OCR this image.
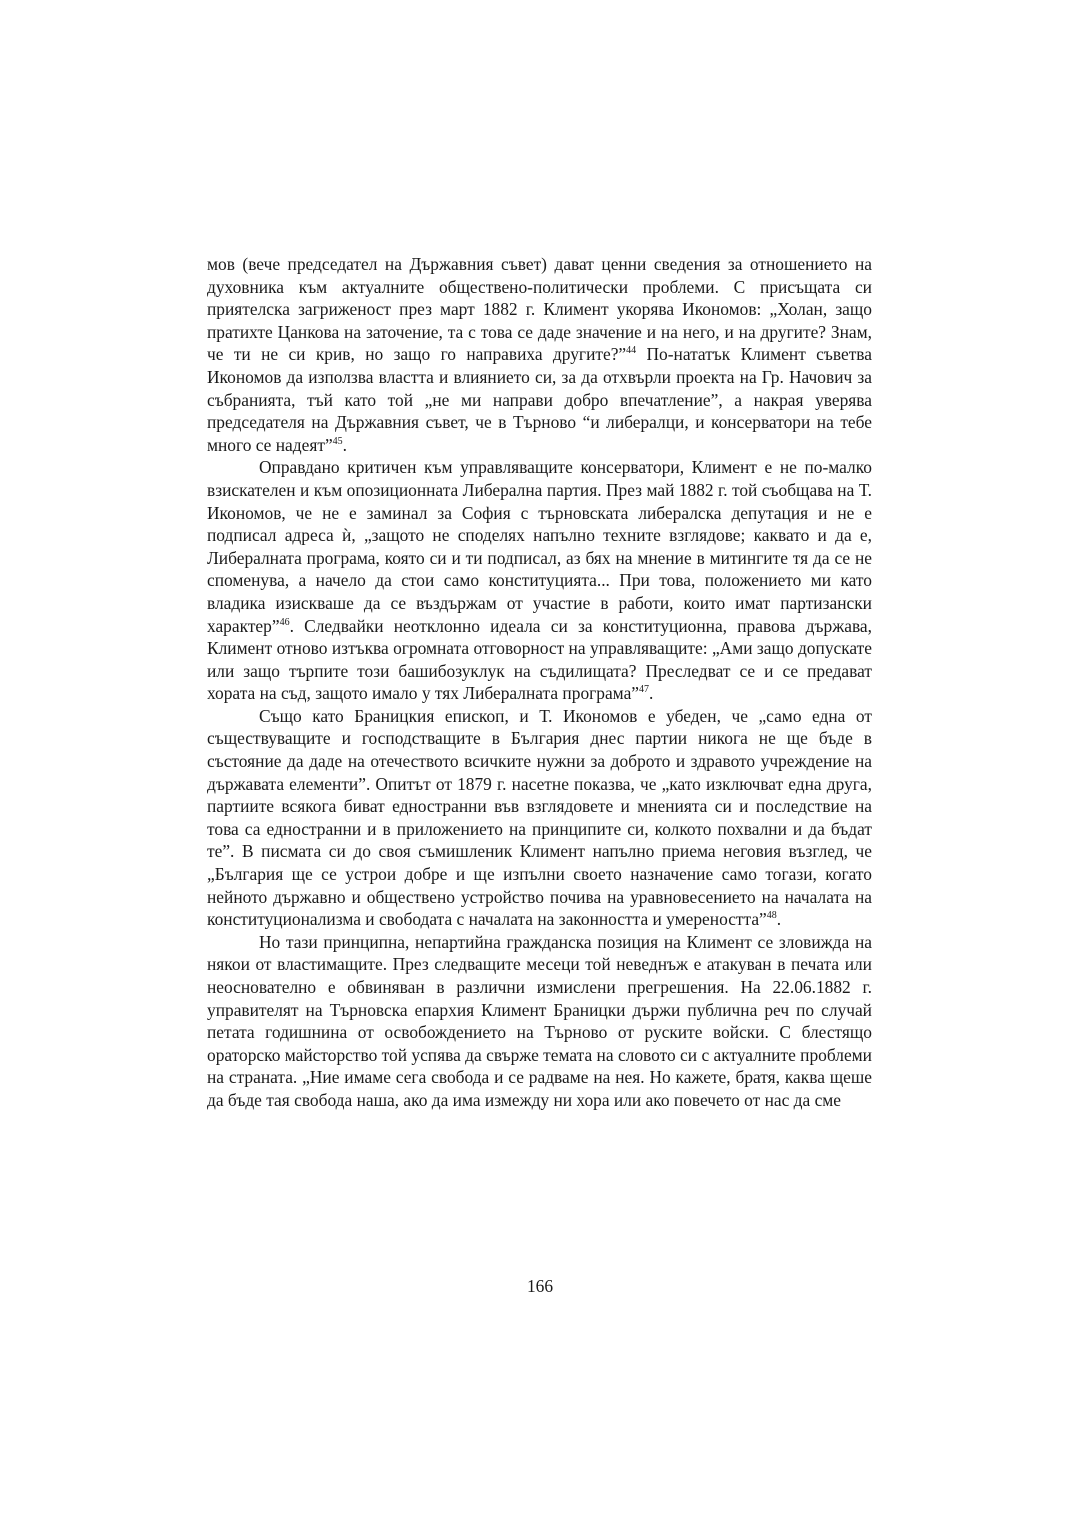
мов (вече председател на Държавния съвет) дават ценни сведения за отношението на духовника към актуалните обществено-политически проблеми. С присъщата си приятелска загриженост през март 1882 г. Климент укорява Икономов: „Холан, защо пратихте Цанкова на заточение, та с това се даде значение и на него, и на другите? Знам, че ти не си крив, но защо го направиха другите?”$^{44}$ По-нататък Климент съветва Икономов да използва властта и влиянието си, за да отхвърли проекта на Гр. Начович за събранията, тъй като той „не ми направи добро впечатление”, а накрая уверява председателя на Държавния съвет, че в Търново “и либералци, и консерватори на тебе много се надеят”$^{45}$.

Оправдано критичен към управляващите консерватори, Климент е не по-малко взискателен и към опозиционната Либерална партия. През май 1882 г. той съобщава на Т. Икономов, че не е заминал за София с търновската либералска депутация и не е подписал адреса ѝ, „защото не споделях напълно техните взглядове; каквато и да е, Либералната програма, която си и ти подписал, аз бях на мнение в митингите тя да се не споменува, а начело да стои само конституцията... При това, положението ми като владика изискваше да се въздържам от участие в работи, които имат партизански характер”$^{46}$. Следвайки неотклонно идеала си за конституционна, правова държава, Климент отново изтъква огромната отговорност на управляващите: „Ами защо допускате или защо търпите този башибозуклук на съдилищата? Преследват се и се предават хората на съд, защото имало у тях Либералната програма”$^{47}$.

Също като Браницкия епископ, и Т. Икономов е убеден, че „само една от съществуващите и господстващите в България днес партии никога не ще бъде в състояние да даде на отечеството всичките нужни за доброто и здравото учреждение на държавата елементи”. Опитът от 1879 г. насетне показва, че „като изключват една друга, партиите всякога биват едностранни във взглядовете и мненията си и последствие на това са едностранни и в приложението на принципите си, колкото похвални и да бъдат те”. В писмата си до своя съмишленик Климент напълно приема неговия възглед, че „България ще се устрои добре и ще изпълни своето назначение само тогази, когато нейното държавно и обществено устройство почива на уравновесението на началата на конституционализма и свободата с началата на законността и умереността”$^{48}$.

Но тази принципна, непартийна гражданска позиция на Климент се зловижда на някои от властимащите. През следващите месеци той неведнъж е атакуван в печата или неоснователно е обвиняван в различни измислени прегрешения. На 22.06.1882 г. управителят на Търновска епархия Климент Браницки държи публична реч по случай петата годишнина от освобождението на Търново от руските войски. С блестящо ораторско майсторство той успява да свърже темата на словото си с актуалните проблеми на страната. „Ние имаме сега свобода и се радваме на нея. Но кажете, братя, каква щеше да бъде тая свобода наша, ако да има измежду ни хора или ако повечето от нас да сме

166
